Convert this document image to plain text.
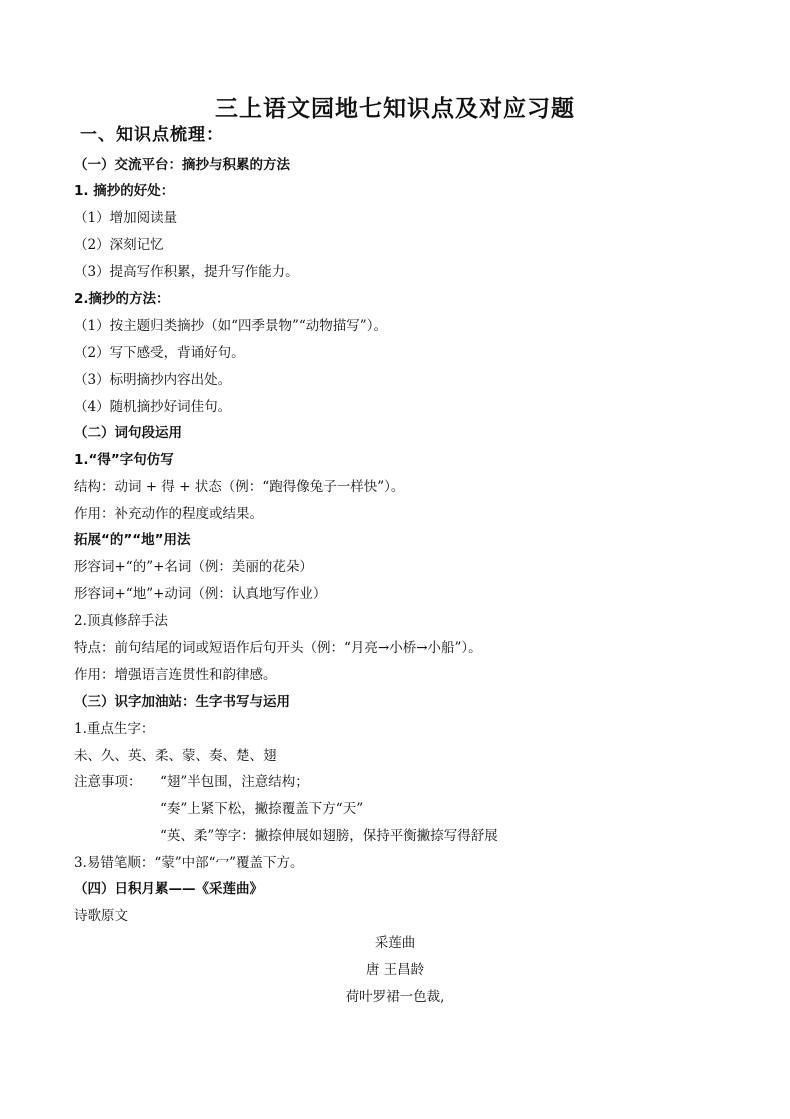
三上语文园地七知识点及对应习题
一、知识点梳理：
（一）交流平台：摘抄与积累的方法
1. 摘抄的好处：
（1）增加阅读量
（2）深刻记忆
（3）提高写作积累，提升写作能力。
2.摘抄的方法：
（1）按主题归类摘抄（如“四季景物”“动物描写”）。
（2）写下感受，背诵好句。
（3）标明摘抄内容出处。
（4）随机摘抄好词佳句。
（二）词句段运用
1.“得”字句仿写
结构：动词 + 得 + 状态（例：“跑得像兔子一样快”）。
作用：补充动作的程度或结果。
拓展“的”“地”用法
形容词+“的”+名词（例：美丽的花朵）
形容词+“地”+动词（例：认真地写作业）
2.顶真修辞手法
特点：前句结尾的词或短语作后句开头（例：“月亮→小桥→小船”）。
作用：增强语言连贯性和韵律感。
（三）识字加油站：生字书写与运用
1.重点生字：
未、久、英、柔、蒙、奏、楚、翅
注意事项： “翅”半包围，注意结构；
“奏”上紧下松，撇捺覆盖下方“天”
“英、柔”等字：撇捺伸展如翅膀，保持平衡撇捺写得舒展
3.易错笔顺：“蒙”中部“冖”覆盖下方。
（四）日积月累——《采莲曲》
诗歌原文
采莲曲
唐 王昌龄
荷叶罗裙一色裁,
